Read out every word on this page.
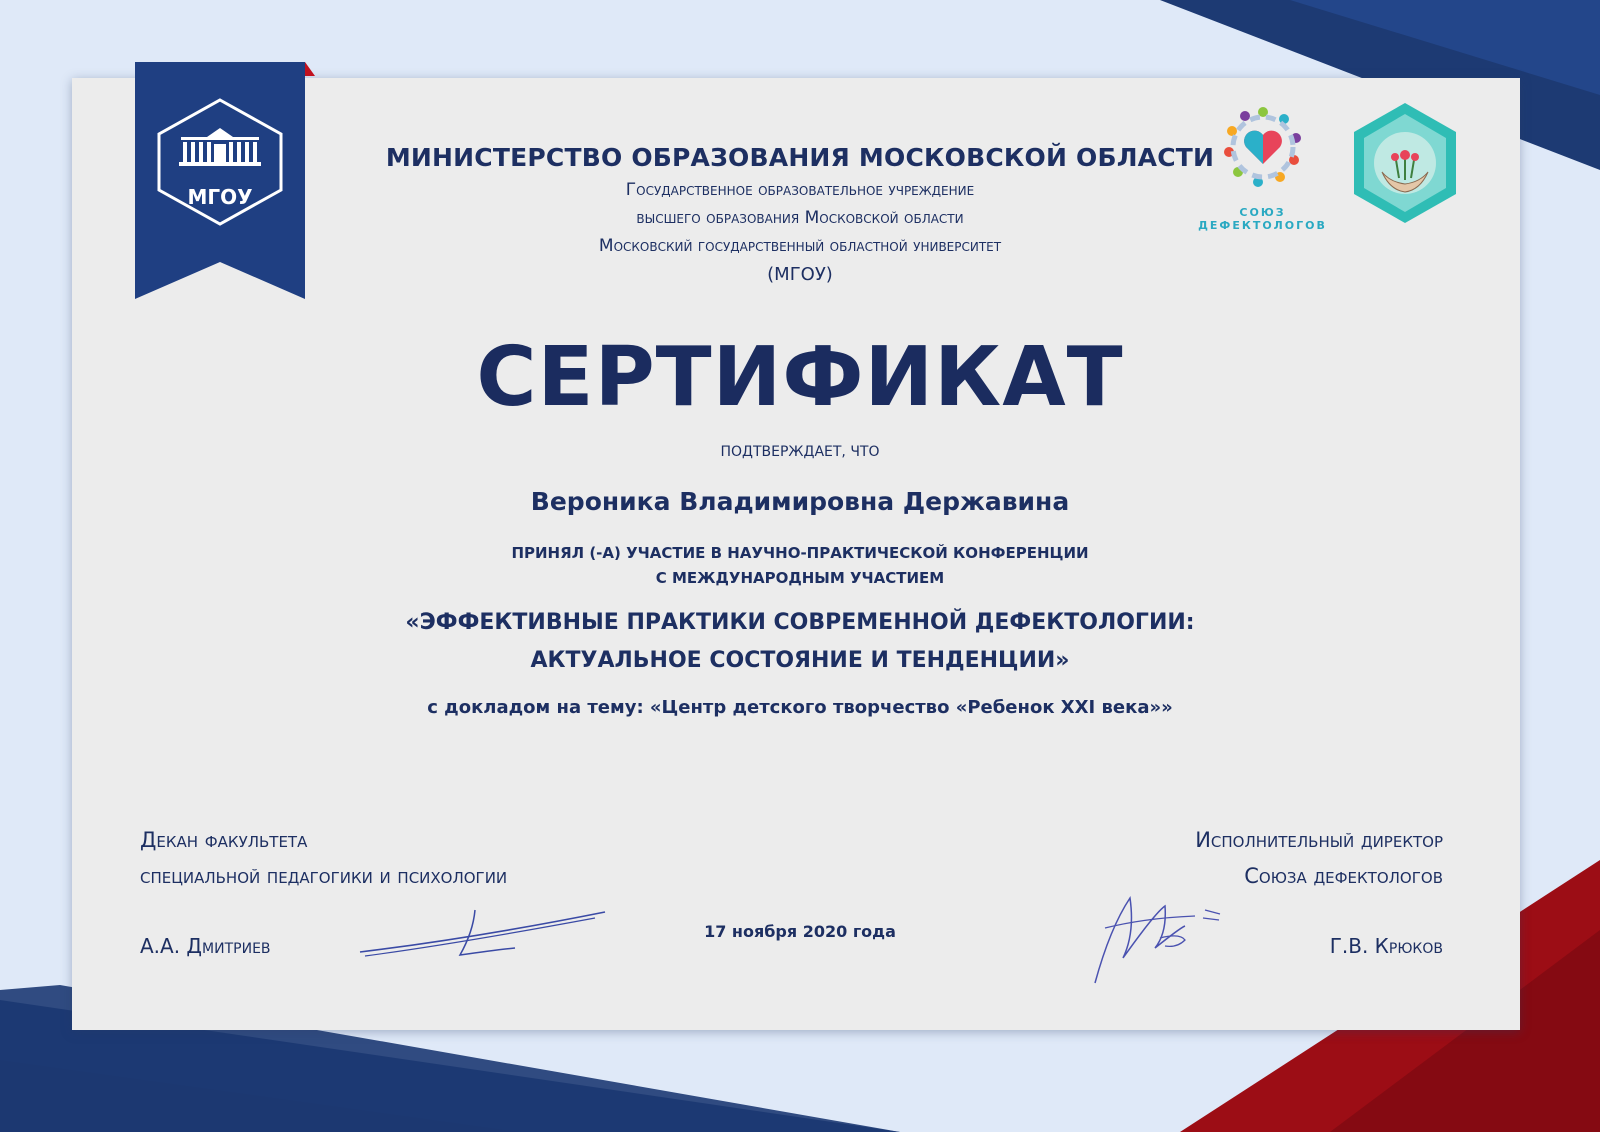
МГОУ
СОЮЗ
ДЕФЕКТОЛОГОВ
МИНИСТЕРСТВО ОБРАЗОВАНИЯ МОСКОВСКОЙ ОБЛАСТИ
Государственное образовательное учреждение
высшего образования Московской области
Московский государственный областной университет
(МГОУ)
СЕРТИФИКАТ
ПОДТВЕРЖДАЕТ, ЧТО
Вероника Владимировна Державина
ПРИНЯЛ (-А) УЧАСТИЕ В НАУЧНО-ПРАКТИЧЕСКОЙ КОНФЕРЕНЦИИ
С МЕЖДУНАРОДНЫМ УЧАСТИЕМ
«ЭФФЕКТИВНЫЕ ПРАКТИКИ СОВРЕМЕННОЙ ДЕФЕКТОЛОГИИ:
АКТУАЛЬНОЕ СОСТОЯНИЕ И ТЕНДЕНЦИИ»
с докладом на тему: «Центр детского творчество «Ребенок XXI века»»
Декан факультета
специальной педагогики и психологии
А.А. Дмитриев
Исполнительный директор
Союза дефектологов
Г.В. Крюков
17 ноября 2020 года
